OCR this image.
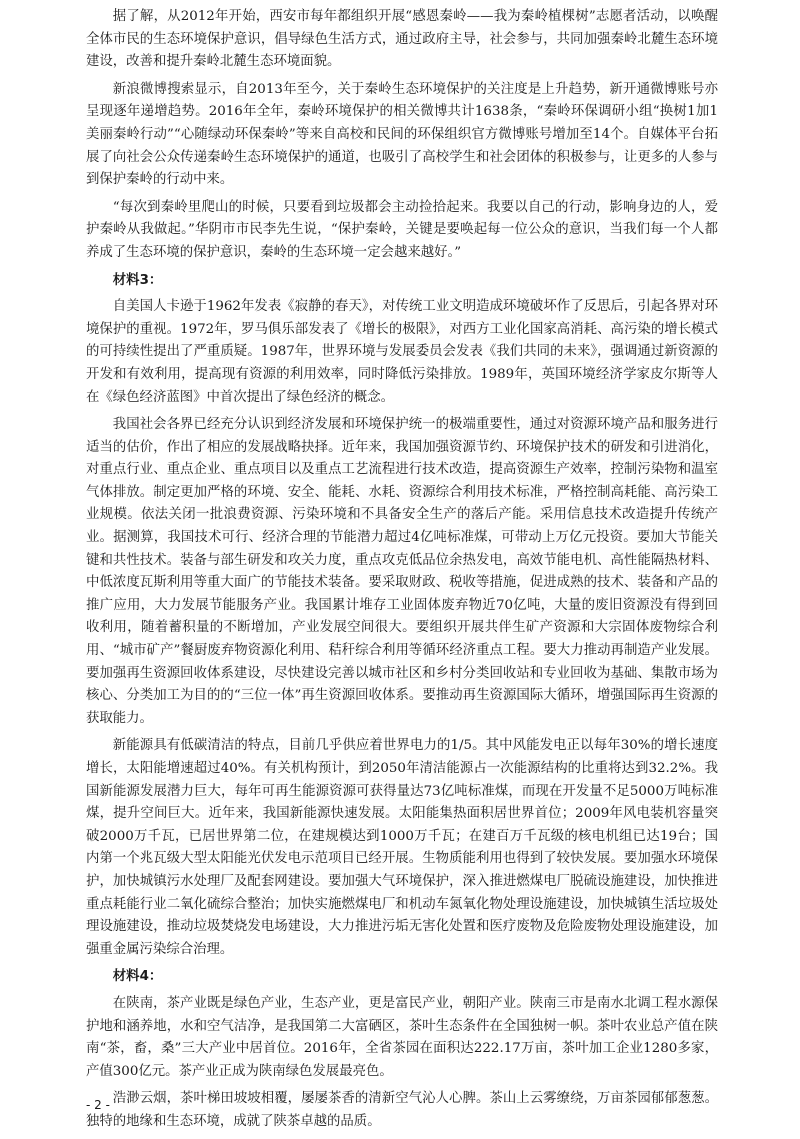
据了解，从2012年开始，西安市每年都组织开展“感恩秦岭——我为秦岭植棵树”志愿者活动，以唤醒全体市民的生态环境保护意识，倡导绿色生活方式，通过政府主导，社会参与，共同加强秦岭北麓生态环境建设，改善和提升秦岭北麓生态环境面貌。

新浪微博搜索显示，自2013年至今，关于秦岭生态环境保护的关注度是上升趋势，新开通微博账号亦呈现逐年递增趋势。2016年全年，秦岭环境保护的相关微博共计1638条，“秦岭环保调研小组“换树1加1美丽秦岭行动”“心随绿动环保秦岭”等来自高校和民间的环保组织官方微博账号增加至14个。自媒体平台拓展了向社会公众传递秦岭生态环境保护的通道，也吸引了高校学生和社会团体的积极参与，让更多的人参与到保护秦岭的行动中来。

“每次到秦岭里爬山的时候，只要看到垃圾都会主动捡拾起来。我要以自己的行动，影响身边的人，爱护秦岭从我做起。”华阴市市民李先生说，“保护秦岭，关键是要唤起每一位公众的意识，当我们每一个人都养成了生态环境的保护意识，秦岭的生态环境一定会越来越好。”

材料3：

自美国人卡逊于1962年发表《寂静的春天》，对传统工业文明造成环境破坏作了反思后，引起各界对环境保护的重视。1972年，罗马俱乐部发表了《增长的极限》，对西方工业化国家高消耗、高污染的增长模式的可持续性提出了严重质疑。1987年，世界环境与发展委员会发表《我们共同的未来》，强调通过新资源的开发和有效利用，提高现有资源的利用效率，同时降低污染排放。1989年，英国环境经济学家皮尔斯等人在《绿色经济蓝图》中首次提出了绿色经济的概念。

我国社会各界已经充分认识到经济发展和环境保护统一的极端重要性，通过对资源环境产品和服务进行适当的估价，作出了相应的发展战略抉择。近年来，我国加强资源节约、环境保护技术的研发和引进消化，对重点行业、重点企业、重点项目以及重点工艺流程进行技术改造，提高资源生产效率，控制污染物和温室气体排放。制定更加严格的环境、安全、能耗、水耗、资源综合利用技术标准，严格控制高耗能、高污染工业规模。依法关闭一批浪费资源、污染环境和不具备安全生产的落后产能。采用信息技术改造提升传统产业。据测算，我国技术可行、经济合理的节能潜力超过4亿吨标准煤，可带动上万亿元投资。要加大节能关键和共性技术。装备与部生研发和攻关力度，重点攻克低品位余热发电，高效节能电机、高性能隔热材料、中低浓度瓦斯利用等重大面广的节能技术装备。要采取财政、税收等措施，促进成熟的技术、装备和产品的推广应用，大力发展节能服务产业。我国累计堆存工业固体废弃物近70亿吨，大量的废旧资源没有得到回收利用，随着蓄积量的不断增加，产业发展空间很大。要组织开展共伴生矿产资源和大宗固体废物综合利用、“城市矿产”餐厨废弃物资源化利用、秸秆综合利用等循环经济重点工程。要大力推动再制造产业发展。要加强再生资源回收体系建设，尽快建设完善以城市社区和乡村分类回收站和专业回收为基础、集散市场为核心、分类加工为目的的“三位一体”再生资源回收体系。要推动再生资源国际大循环，增强国际再生资源的获取能力。

新能源具有低碳清洁的特点，目前几乎供应着世界电力的1/5。其中风能发电正以每年30%的增长速度增长，太阳能增速超过40%。有关机构预计，到2050年清洁能源占一次能源结构的比重将达到32.2%。我国新能源发展潜力巨大，每年可再生能源资源可获得量达73亿吨标准煤，而现在开发量不足5000万吨标准煤，提升空间巨大。近年来，我国新能源快速发展。太阳能集热面积居世界首位；2009年风电装机容量突破2000万千瓦，已居世界第二位，在建规模达到1000万千瓦；在建百万千瓦级的核电机组已达19台；国内第一个兆瓦级大型太阳能光伏发电示范项目已经开展。生物质能利用也得到了较快发展。要加强水环境保护，加快城镇污水处理厂及配套网建设。要加强大气环境保护，深入推进燃煤电厂脱硫设施建设，加快推进重点耗能行业二氧化硫综合整治；加快实施燃煤电厂和机动车氮氧化物处理设施建设，加快城镇生活垃圾处理设施建设，推动垃圾焚烧发电场建设，大力推进污垢无害化处置和医疗废物及危险废物处理设施建设，加强重金属污染综合治理。

材料4：

在陕南，茶产业既是绿色产业，生态产业，更是富民产业，朝阳产业。陕南三市是南水北调工程水源保护地和涵养地，水和空气洁净，是我国第二大富硒区，茶叶生态条件在全国独树一帜。茶叶农业总产值在陕南“茶，畜，桑”三大产业中居首位。2016年，全省茶园在面积达222.17万亩，茶叶加工企业1280多家，产值300亿元。茶产业正成为陕南绿色发展最亮色。

浩渺云烟，茶叶梯田坡坡相覆，屡屡茶香的清新空气沁人心脾。茶山上云雾缭绕，万亩茶园郁郁葱葱。独特的地缘和生态环境，成就了陕茶卓越的品质。

- 2 -
